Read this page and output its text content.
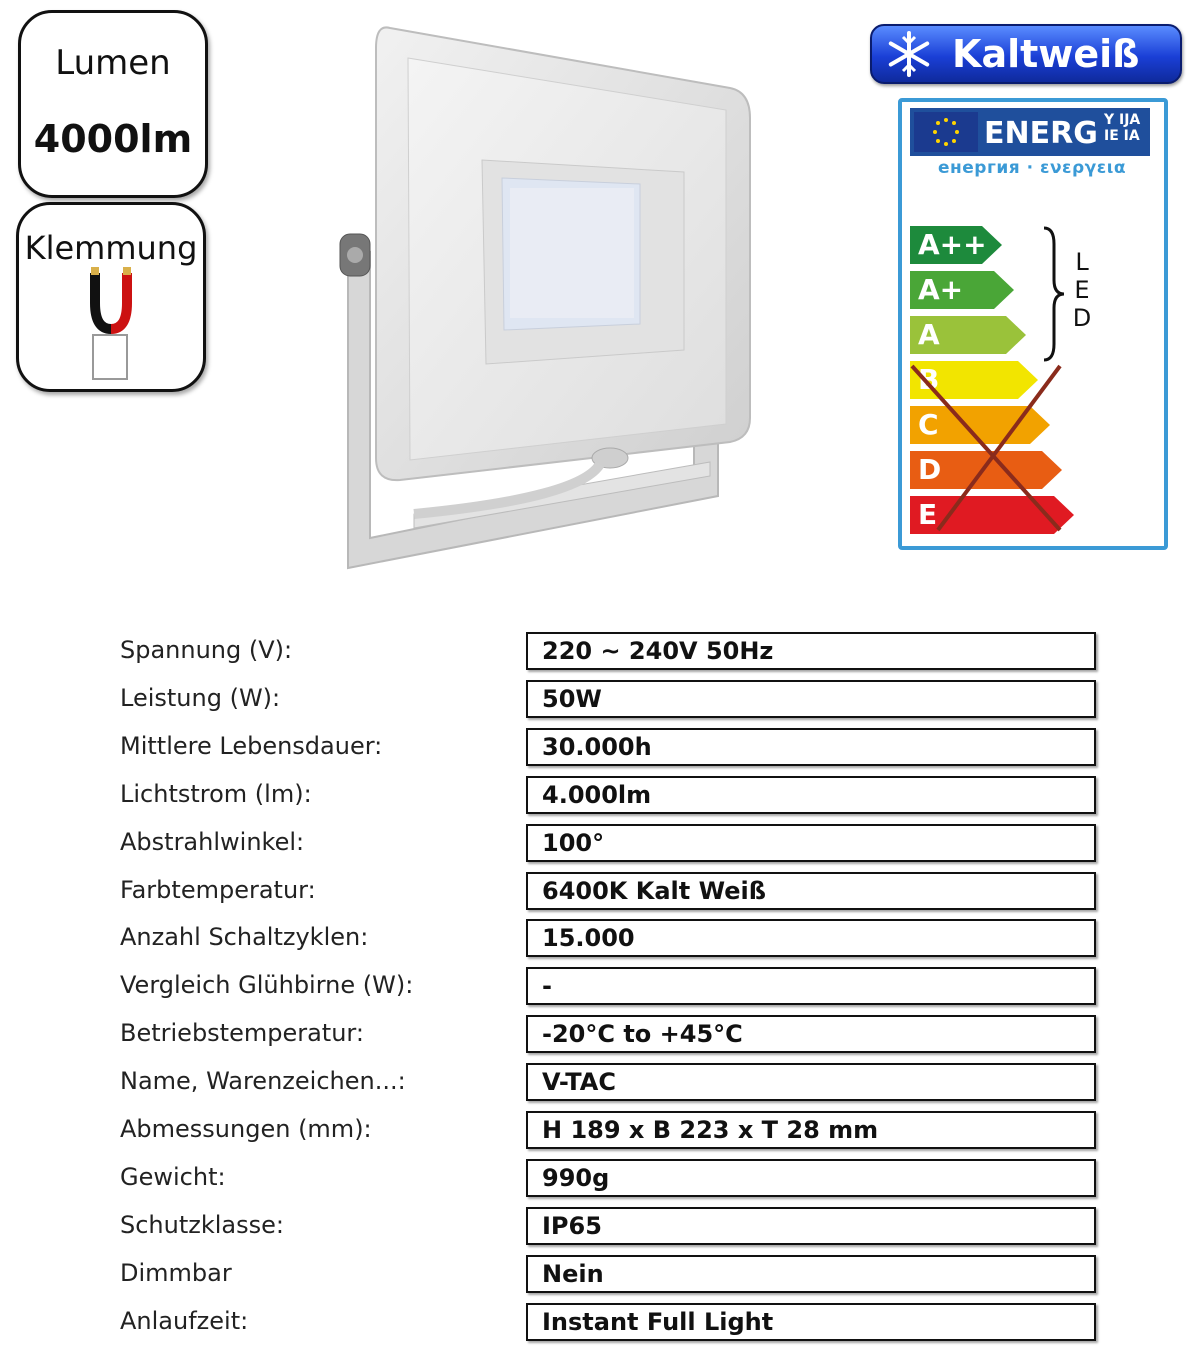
Lumen
4000lm
Klemmung
Kaltweiß
ENERG Y IJA
IE IA
енергия · ενεργεια
A++
A+
A
B
C
D
E
L
E
D
Spannung (V):	220 ~ 240V 50Hz
Leistung (W):	50W
Mittlere Lebensdauer:	30.000h
Lichtstrom (lm):	4.000lm
Abstrahlwinkel:	100°
Farbtemperatur:	6400K Kalt Weiß
Anzahl Schaltzyklen:	15.000
Vergleich Glühbirne (W):	-
Betriebstemperatur:	-20°C to +45°C
Name, Warenzeichen...:	V-TAC
Abmessungen (mm):	H 189 x B 223 x T 28 mm
Gewicht:	990g
Schutzklasse:	IP65
Dimmbar	Nein
Anlaufzeit:	Instant Full Light
